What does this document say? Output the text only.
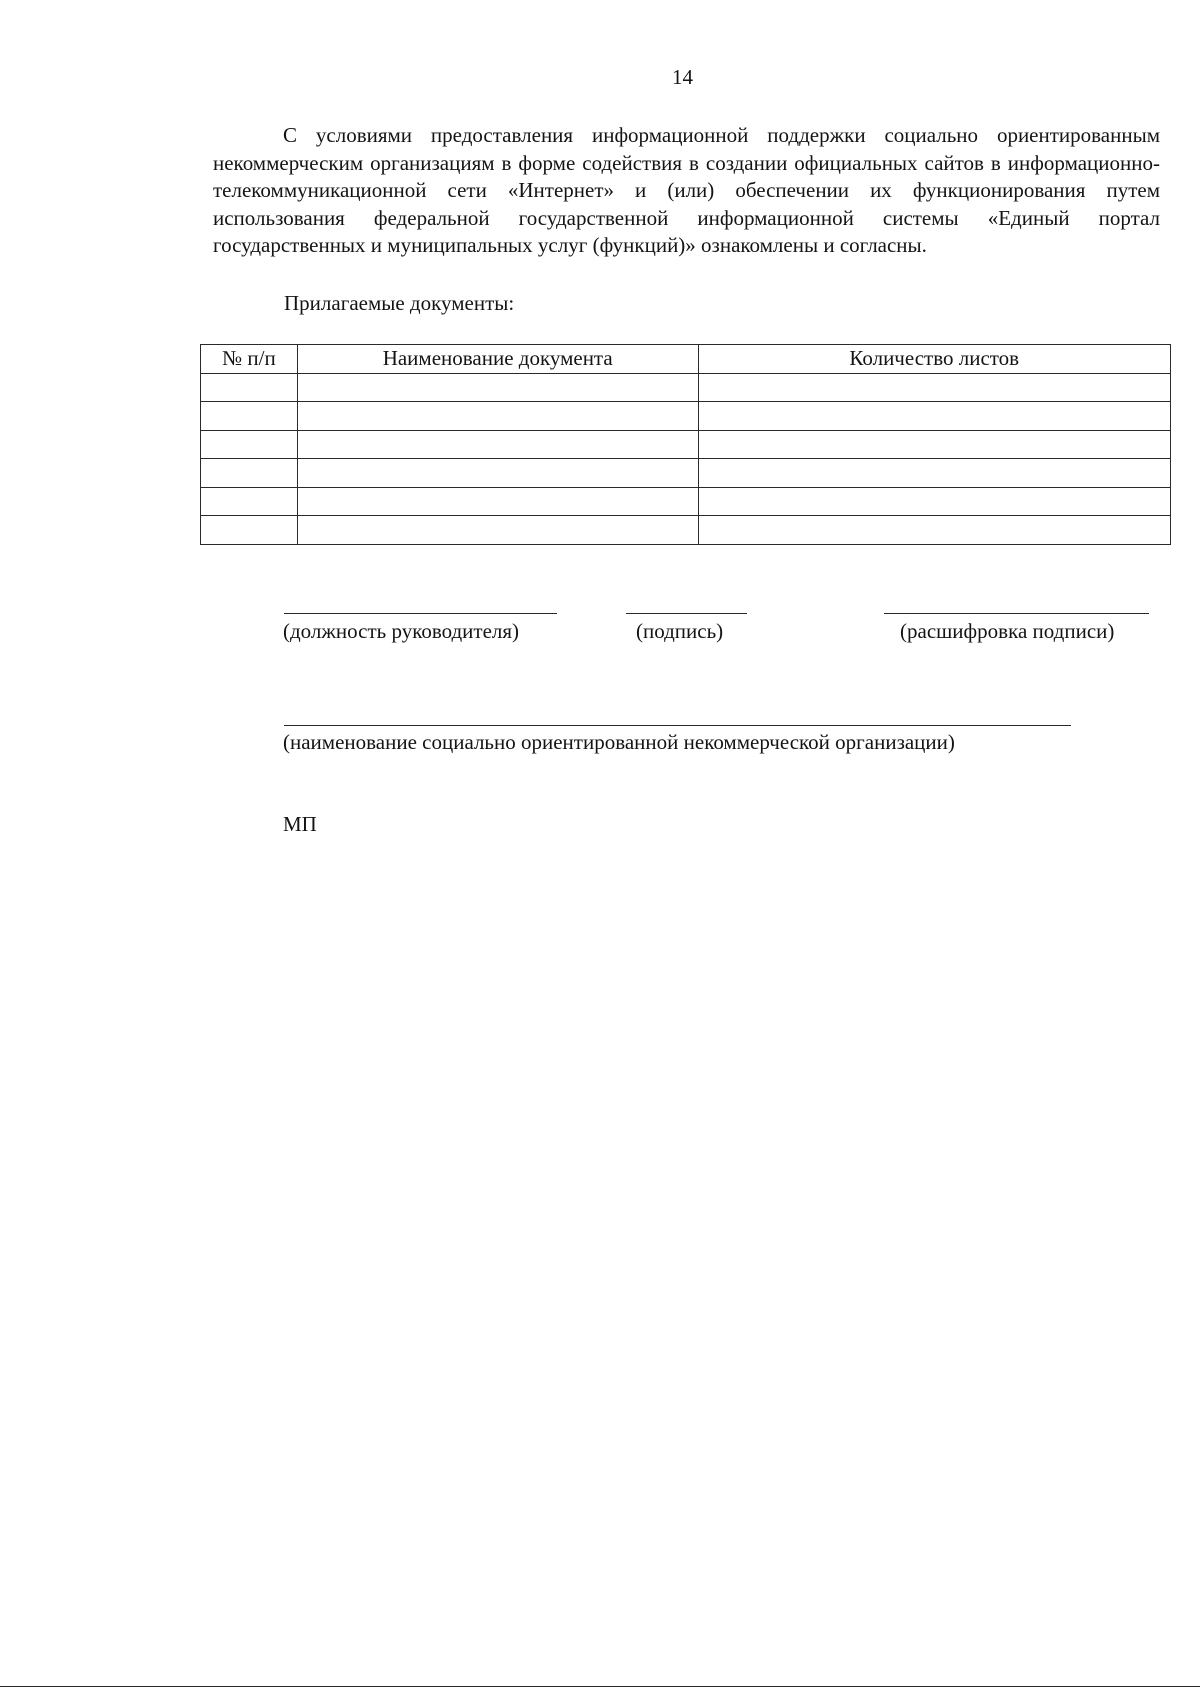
14

С условиями предоставления информационной поддержки социально ориентированным некоммерческим организациям в форме содействия в создании официальных сайтов в информационно-телекоммуникационной сети «Интернет» и (или) обеспечении их функционирования путем использования федеральной государственной информационной системы «Единый портал государственных и муниципальных услуг (функций)» ознакомлены и согласны.

Прилагаемые документы:
№ п/п	Наименование документа	Количество листов

(должность руководителя)	(подпись)	(расшифровка подписи)
(наименование социально ориентированной некоммерческой организации)
МП
